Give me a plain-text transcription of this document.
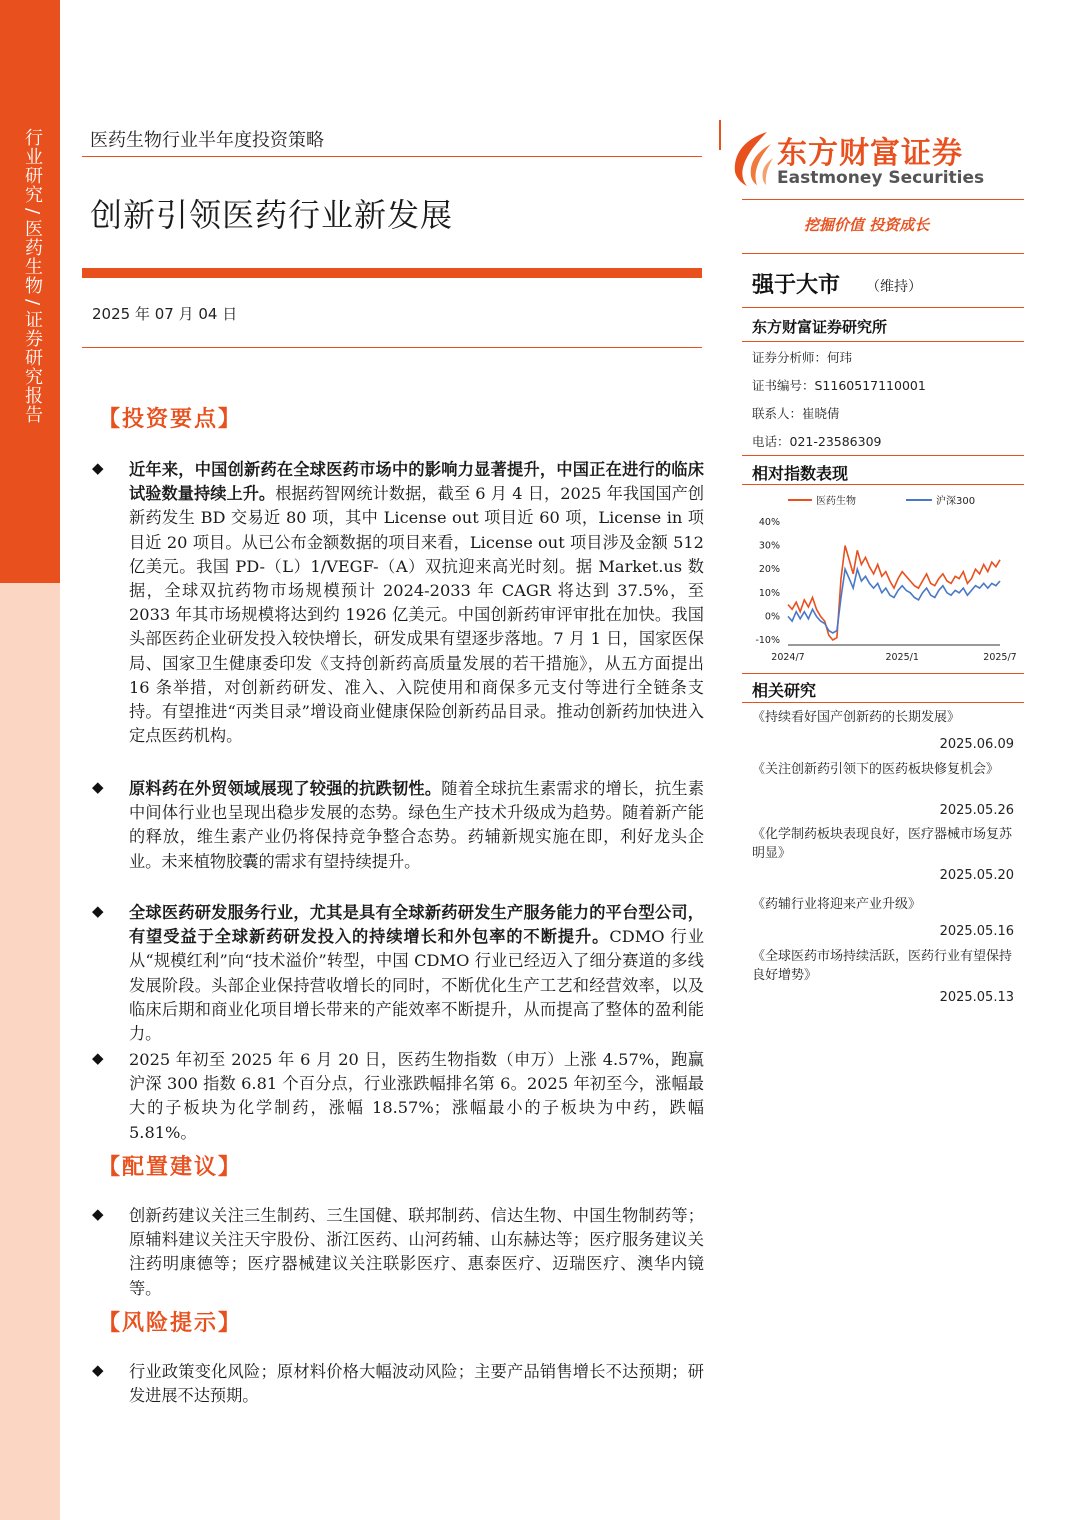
行业研究/医药生物/证券研究报告
医药生物行业半年度投资策略
创新引领医药行业新发展
2025 年 07 月 04 日
【投资要点】
◆ 近年来，中国创新药在全球医药市场中的影响力显著提升，中国正在进行的临床试验数量持续上升。根据药智网统计数据，截至 6 月 4 日，2025 年我国国产创新药发生 BD 交易近 80 项，其中 License out 项目近 60 项，License in 项目近 20 项目。从已公布金额数据的项目来看，License out 项目涉及金额 512 亿美元。我国 PD-（L）1/VEGF-（A）双抗迎来高光时刻。据 Market.us 数据，全球双抗药物市场规模预计 2024-2033 年 CAGR 将达到 37.5%，至 2033 年其市场规模将达到约 1926 亿美元。中国创新药审评审批在加快。我国头部医药企业研发投入较快增长，研发成果有望逐步落地。7 月 1 日，国家医保局、国家卫生健康委印发《支持创新药高质量发展的若干措施》，从五方面提出 16 条举措，对创新药研发、准入、入院使用和商保多元支付等进行全链条支持。有望推进“丙类目录”增设商业健康保险创新药品目录。推动创新药加快进入定点医药机构。
◆ 原料药在外贸领域展现了较强的抗跌韧性。随着全球抗生素需求的增长，抗生素中间体行业也呈现出稳步发展的态势。绿色生产技术升级成为趋势。随着新产能的释放，维生素产业仍将保持竞争整合态势。药辅新规实施在即，利好龙头企业。未来植物胶囊的需求有望持续提升。
◆ 全球医药研发服务行业，尤其是具有全球新药研发生产服务能力的平台型公司，有望受益于全球新药研发投入的持续增长和外包率的不断提升。CDMO 行业从“规模红利”向“技术溢价”转型，中国 CDMO 行业已经迈入了细分赛道的多线发展阶段。头部企业保持营收增长的同时，不断优化生产工艺和经营效率，以及临床后期和商业化项目增长带来的产能效率不断提升，从而提高了整体的盈利能力。
◆ 2025 年初至 2025 年 6 月 20 日，医药生物指数（申万）上涨 4.57%，跑赢沪深 300 指数 6.81 个百分点，行业涨跌幅排名第 6。2025 年初至今，涨幅最大的子板块为化学制药，涨幅 18.57%；涨幅最小的子板块为中药，跌幅 5.81%。
【配置建议】
◆ 创新药建议关注三生制药、三生国健、联邦制药、信达生物、中国生物制药等；原辅料建议关注天宇股份、浙江医药、山河药辅、山东赫达等；医疗服务建议关注药明康德等；医疗器械建议关注联影医疗、惠泰医疗、迈瑞医疗、澳华内镜等。
【风险提示】
◆ 行业政策变化风险；原材料价格大幅波动风险；主要产品销售增长不达预期；研发进展不达预期。
东方财富证券
Eastmoney Securities
挖掘价值 投资成长
强于大市 （维持）
东方财富证券研究所
证券分析师：何玮
证书编号：S1160517110001
联系人：崔晓倩
电话：021-23586309
相对指数表现
医药生物	沪深300
40%
30%
20%
10%
0%
-10%
2024/7	2025/1	2025/7
相关研究
《持续看好国产创新药的长期发展》
2025.06.09
《关注创新药引领下的医药板块修复机会》
2025.05.26
《化学制药板块表现良好，医疗器械市场复苏明显》
2025.05.20
《药辅行业将迎来产业升级》
2025.05.16
《全球医药市场持续活跃，医药行业有望保持良好增势》
2025.05.13
